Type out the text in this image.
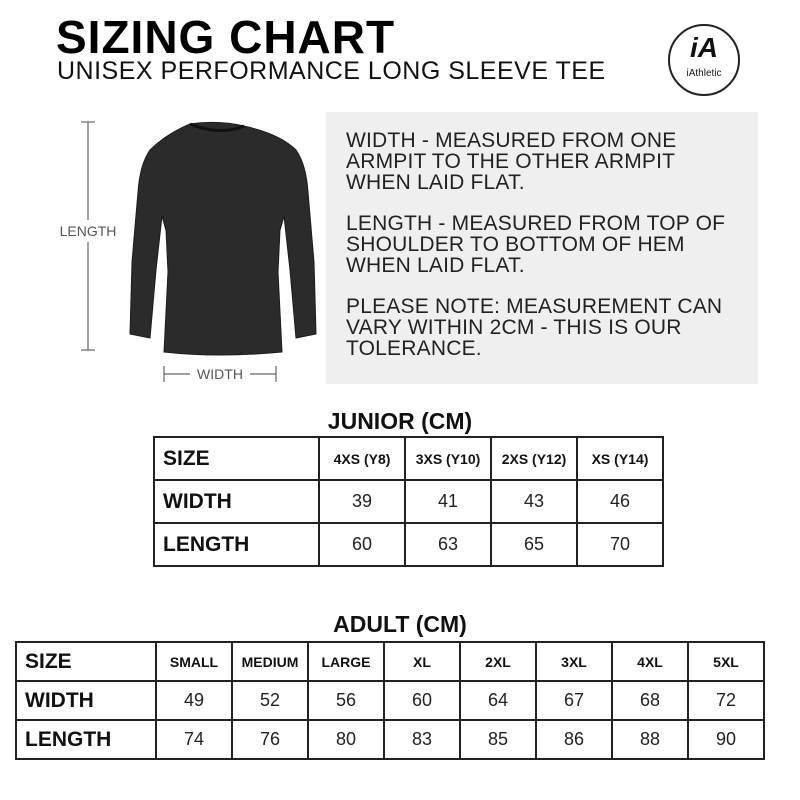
SIZING CHART
UNISEX PERFORMANCE LONG SLEEVE TEE
iA
iAthletic
LENGTH
WIDTH

WIDTH - MEASURED FROM ONE ARMPIT TO THE OTHER ARMPIT WHEN LAID FLAT.

LENGTH - MEASURED FROM TOP OF SHOULDER TO BOTTOM OF HEM WHEN LAID FLAT.

PLEASE NOTE: MEASUREMENT CAN VARY WITHIN 2CM - THIS IS OUR TOLERANCE.

JUNIOR (CM)
SIZE	4XS (Y8)	3XS (Y10)	2XS (Y12)	XS (Y14)
WIDTH	39	41	43	46
LENGTH	60	63	65	70
ADULT (CM)
SIZE	SMALL	MEDIUM	LARGE	XL	2XL	3XL	4XL	5XL
WIDTH	49	52	56	60	64	67	68	72
LENGTH	74	76	80	83	85	86	88	90
